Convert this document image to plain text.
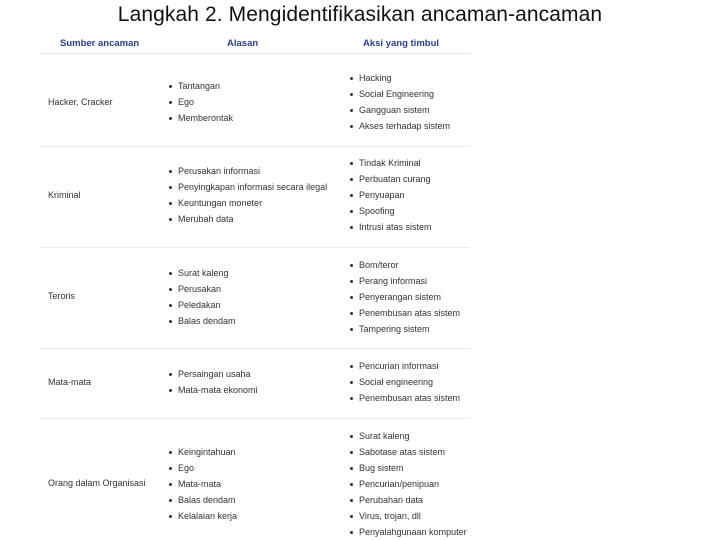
Langkah 2. Mengidentifikasikan ancaman-ancaman
Sumber ancaman	Alasan	Aksi yang timbul
Hacker, Cracker
Tantangan
Ego
Memberontak
Hacking
Social Engineering
Gangguan sistem
Akses terhadap sistem
Kriminal
Perusakan informasi
Penyingkapan informasi secara ilegal
Keuntungan moneter
Merubah data
Tindak Kriminal
Perbuatan curang
Penyuapan
Spoofing
Intrusi atas sistem
Teroris
Surat kaleng
Perusakan
Peledakan
Balas dendam
Bom/teror
Perang informasi
Penyerangan sistem
Penembusan atas sistem
Tampering sistem
Mata-mata
Persaingan usaha
Mata-mata ekonomi
Pencurian informasi
Social engineering
Penembusan atas sistem
Orang dalam Organisasi
Keingintahuan
Ego
Mata-mata
Balas dendam
Kelalaian kerja
Surat kaleng
Sabotase atas sistem
Bug sistem
Pencurian/penipuan
Perubahan data
Virus, trojan, dll
Penyalahgunaan komputer
